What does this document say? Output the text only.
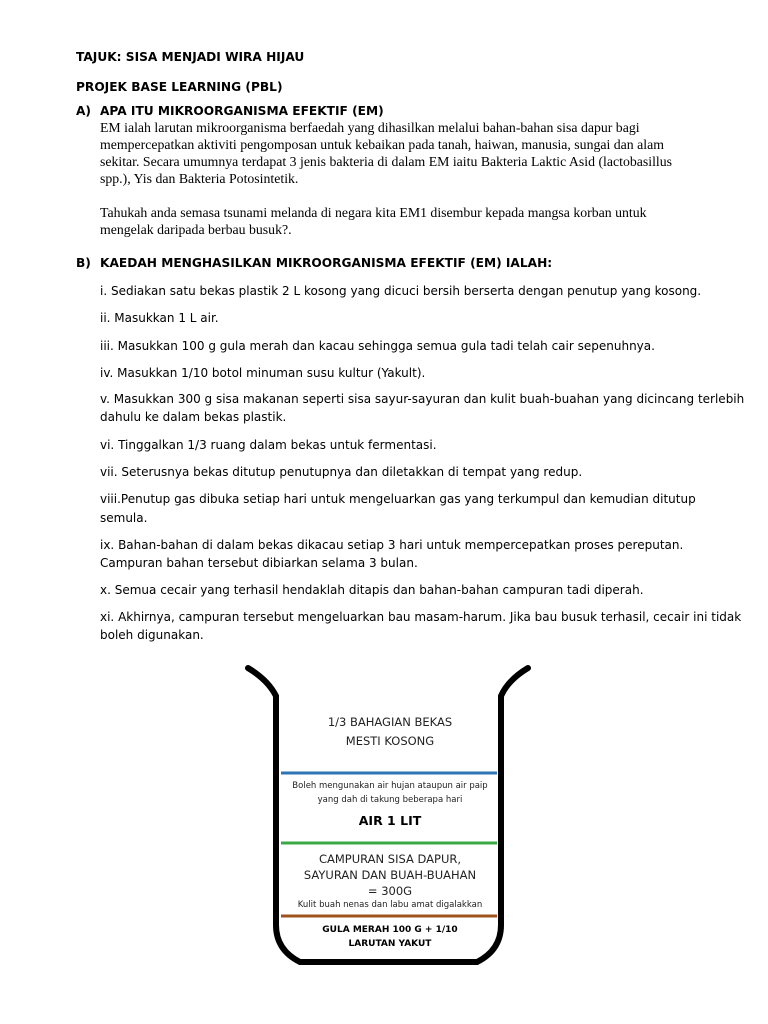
TAJUK: SISA MENJADI WIRA HIJAU
PROJEK BASE LEARNING (PBL)
A) APA ITU MIKROORGANISMA EFEKTIF (EM)
EM ialah larutan mikroorganisma berfaedah yang dihasilkan melalui bahan-bahan sisa dapur bagi
mempercepatkan aktiviti pengomposan untuk kebaikan pada tanah, haiwan, manusia, sungai dan alam
sekitar. Secara umumnya terdapat 3 jenis bakteria di dalam EM iaitu Bakteria Laktic Asid (lactobasillus
spp.), Yis dan Bakteria Potosintetik.
Tahukah anda semasa tsunami melanda di negara kita EM1 disembur kepada mangsa korban untuk
mengelak daripada berbau busuk?.
B) KAEDAH MENGHASILKAN MIKROORGANISMA EFEKTIF (EM) IALAH:
i. Sediakan satu bekas plastik 2 L kosong yang dicuci bersih berserta dengan penutup yang kosong.
ii. Masukkan 1 L air.
iii. Masukkan 100 g gula merah dan kacau sehingga semua gula tadi telah cair sepenuhnya.
iv. Masukkan 1/10 botol minuman susu kultur (Yakult).
v. Masukkan 300 g sisa makanan seperti sisa sayur-sayuran dan kulit buah-buahan yang dicincang terlebih
dahulu ke dalam bekas plastik.
vi. Tinggalkan 1/3 ruang dalam bekas untuk fermentasi.
vii. Seterusnya bekas ditutup penutupnya dan diletakkan di tempat yang redup.
viii.Penutup gas dibuka setiap hari untuk mengeluarkan gas yang terkumpul dan kemudian ditutup
semula.
ix. Bahan-bahan di dalam bekas dikacau setiap 3 hari untuk mempercepatkan proses pereputan.
Campuran bahan tersebut dibiarkan selama 3 bulan.
x. Semua cecair yang terhasil hendaklah ditapis dan bahan-bahan campuran tadi diperah.
xi. Akhirnya, campuran tersebut mengeluarkan bau masam-harum. Jika bau busuk terhasil, cecair ini tidak
boleh digunakan.
1/3 BAHAGIAN BEKAS
MESTI KOSONG
Boleh mengunakan air hujan ataupun air paip
yang dah di takung beberapa hari
AIR 1 LIT
CAMPURAN SISA DAPUR,
SAYURAN DAN BUAH-BUAHAN
= 300G
Kulit buah nenas dan labu amat digalakkan
GULA MERAH 100 G + 1/10
LARUTAN YAKUT
